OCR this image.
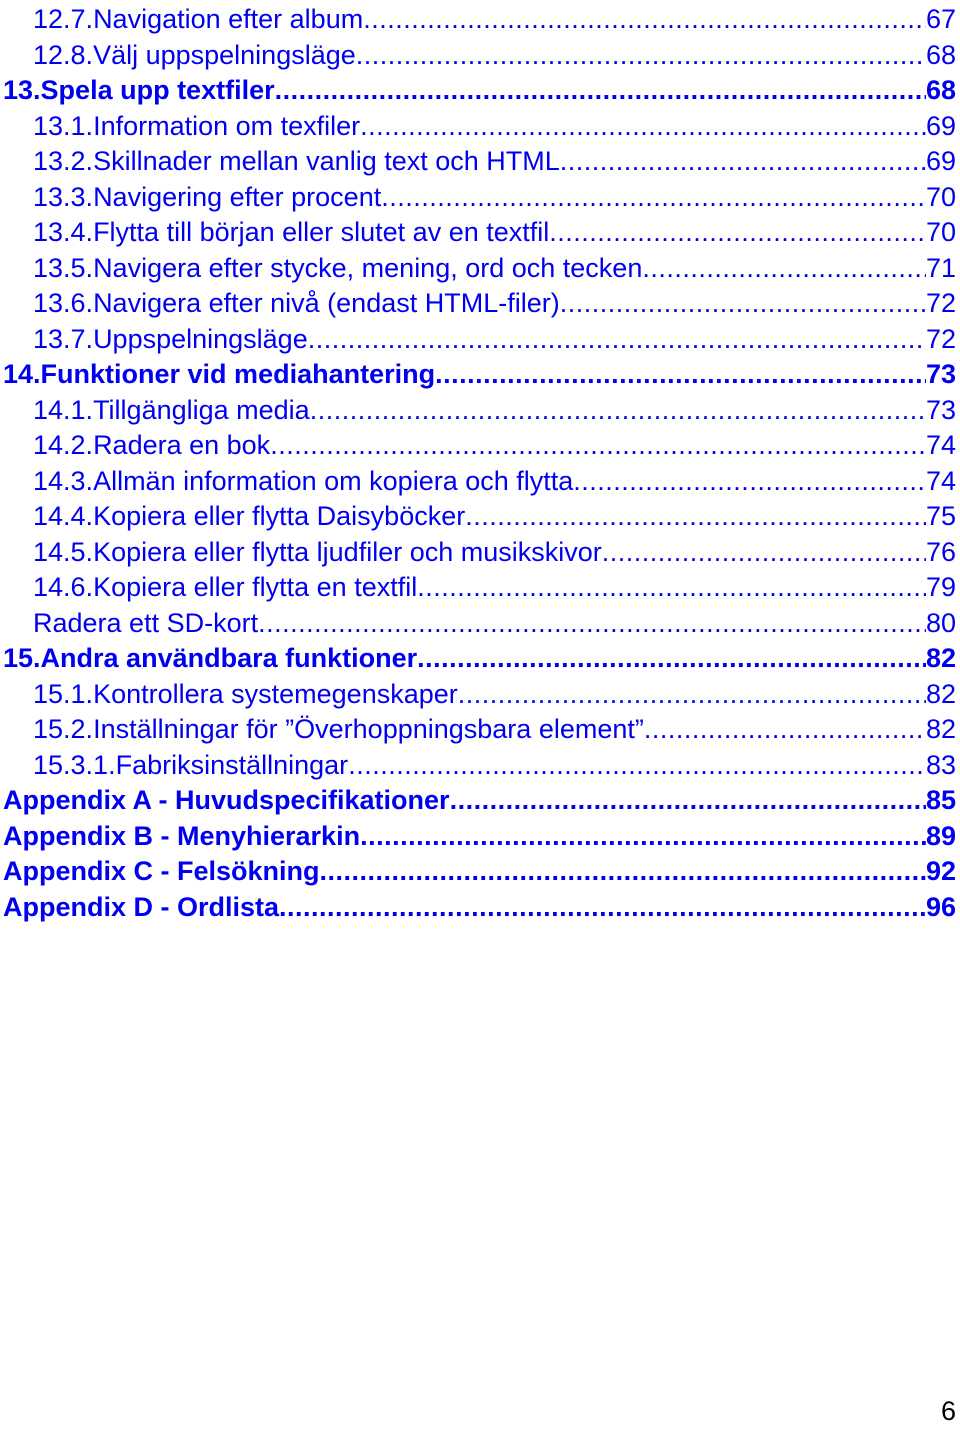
12.7. Navigation efter album .....	67
12.8. Välj uppspelningsläge .....	68
13. Spela upp textfiler .....	68
13.1. Information om texfiler .....	69
13.2. Skillnader mellan vanlig text och HTML .....	69
13.3. Navigering efter procent .....	70
13.4. Flytta till början eller slutet av en textfil .....	70
13.5. Navigera efter stycke, mening, ord och tecken .....	71
13.6. Navigera efter nivå (endast HTML-filer) .....	72
13.7. Uppspelningsläge .....	72
14. Funktioner vid mediahantering .....	73
14.1. Tillgängliga media .....	73
14.2. Radera en bok .....	74
14.3. Allmän information om kopiera och flytta .....	74
14.4. Kopiera eller flytta Daisyböcker .....	75
14.5. Kopiera eller flytta ljudfiler och musikskivor .....	76
14.6. Kopiera eller flytta en textfil .....	79
Radera ett SD-kort .....	80
15. Andra användbara funktioner .....	82
15.1. Kontrollera systemegenskaper .....	82
15.2. Inställningar för ”Överhoppningsbara element” .....	82
15.3.1. Fabriksinställningar .....	83
Appendix A - Huvudspecifikationer .....	85
Appendix B - Menyhierarkin .....	89
Appendix C - Felsökning .....	92
Appendix D - Ordlista .....	96
6
